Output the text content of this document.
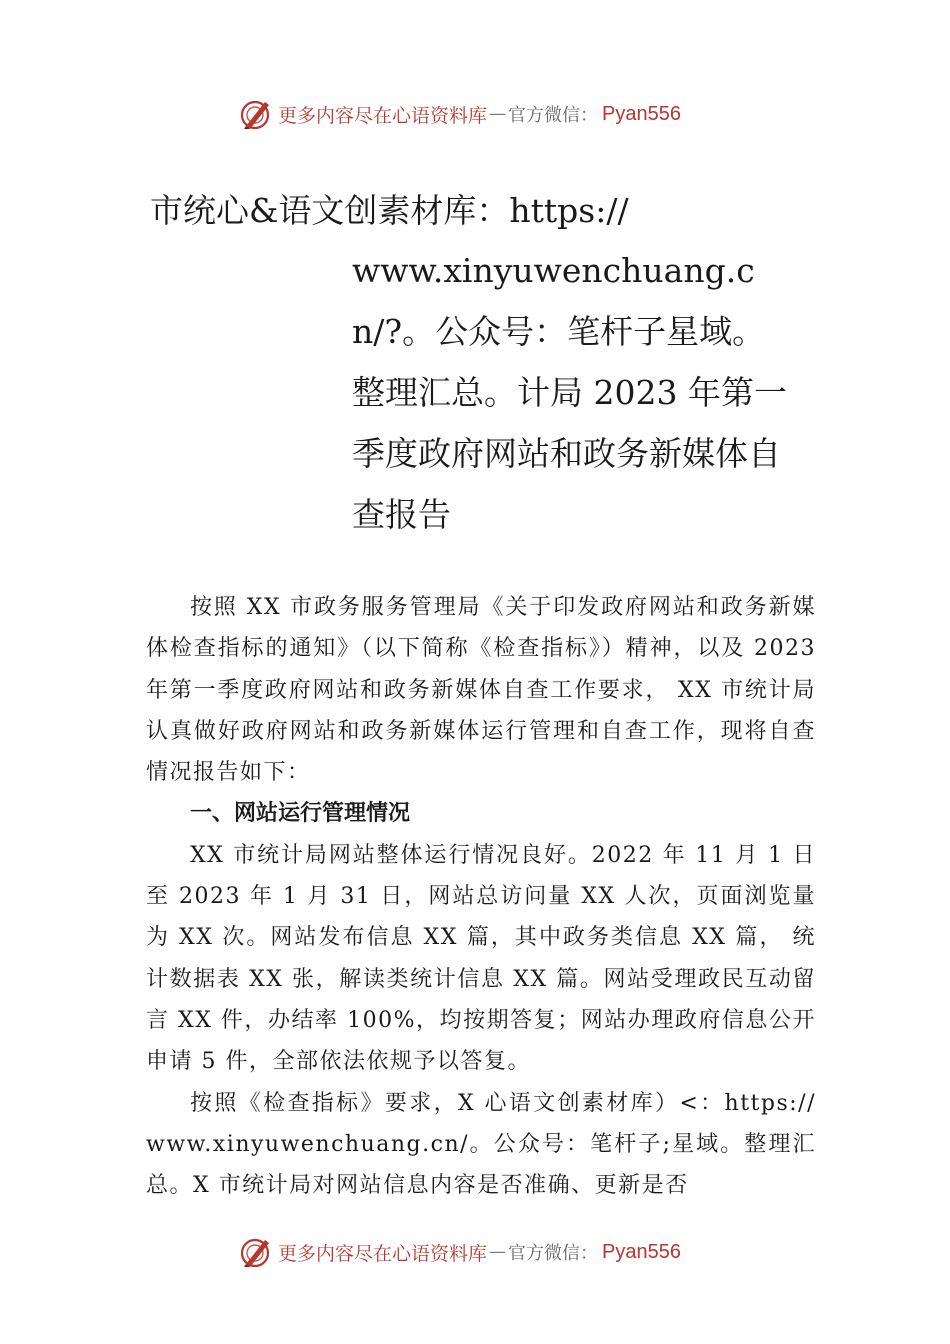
更多内容尽在心语资料库 — 官方微信： Pyan556
市统心&语文创素材库：https://
www.xinyuwenchuang.cn/?。公众号：笔杆子星域。整理汇总。计局 2023 年第一季度政府网站和政务新媒体自查报告

按照 XX 市政务服务管理局《关于印发政府网站和政务新媒体检查指标的通知》（以下简称《检查指标》）精神，以及 2023 年第一季度政府网站和政务新媒体自查工作要求， XX 市统计局认真做好政府网站和政务新媒体运行管理和自查工作，现将自查情况报告如下：

一、网站运行管理情况

XX 市统计局网站整体运行情况良好。2022 年 11 月 1 日至 2023 年 1 月 31 日，网站总访问量 XX 人次，页面浏览量为 XX 次。网站发布信息 XX 篇，其中政务类信息 XX 篇， 统计数据表 XX 张，解读类统计信息 XX 篇。网站受理政民互动留言 XX 件，办结率 100%，均按期答复；网站办理政府信息公开申请 5 件，全部依法依规予以答复。

按照《检查指标》要求，X 心语文创素材库）<：https://www.xinyuwenchuang.cn/。公众号：笔杆子;星域。整理汇总。X 市统计局对网站信息内容是否准确、更新是否

更多内容尽在心语资料库 — 官方微信： Pyan556
